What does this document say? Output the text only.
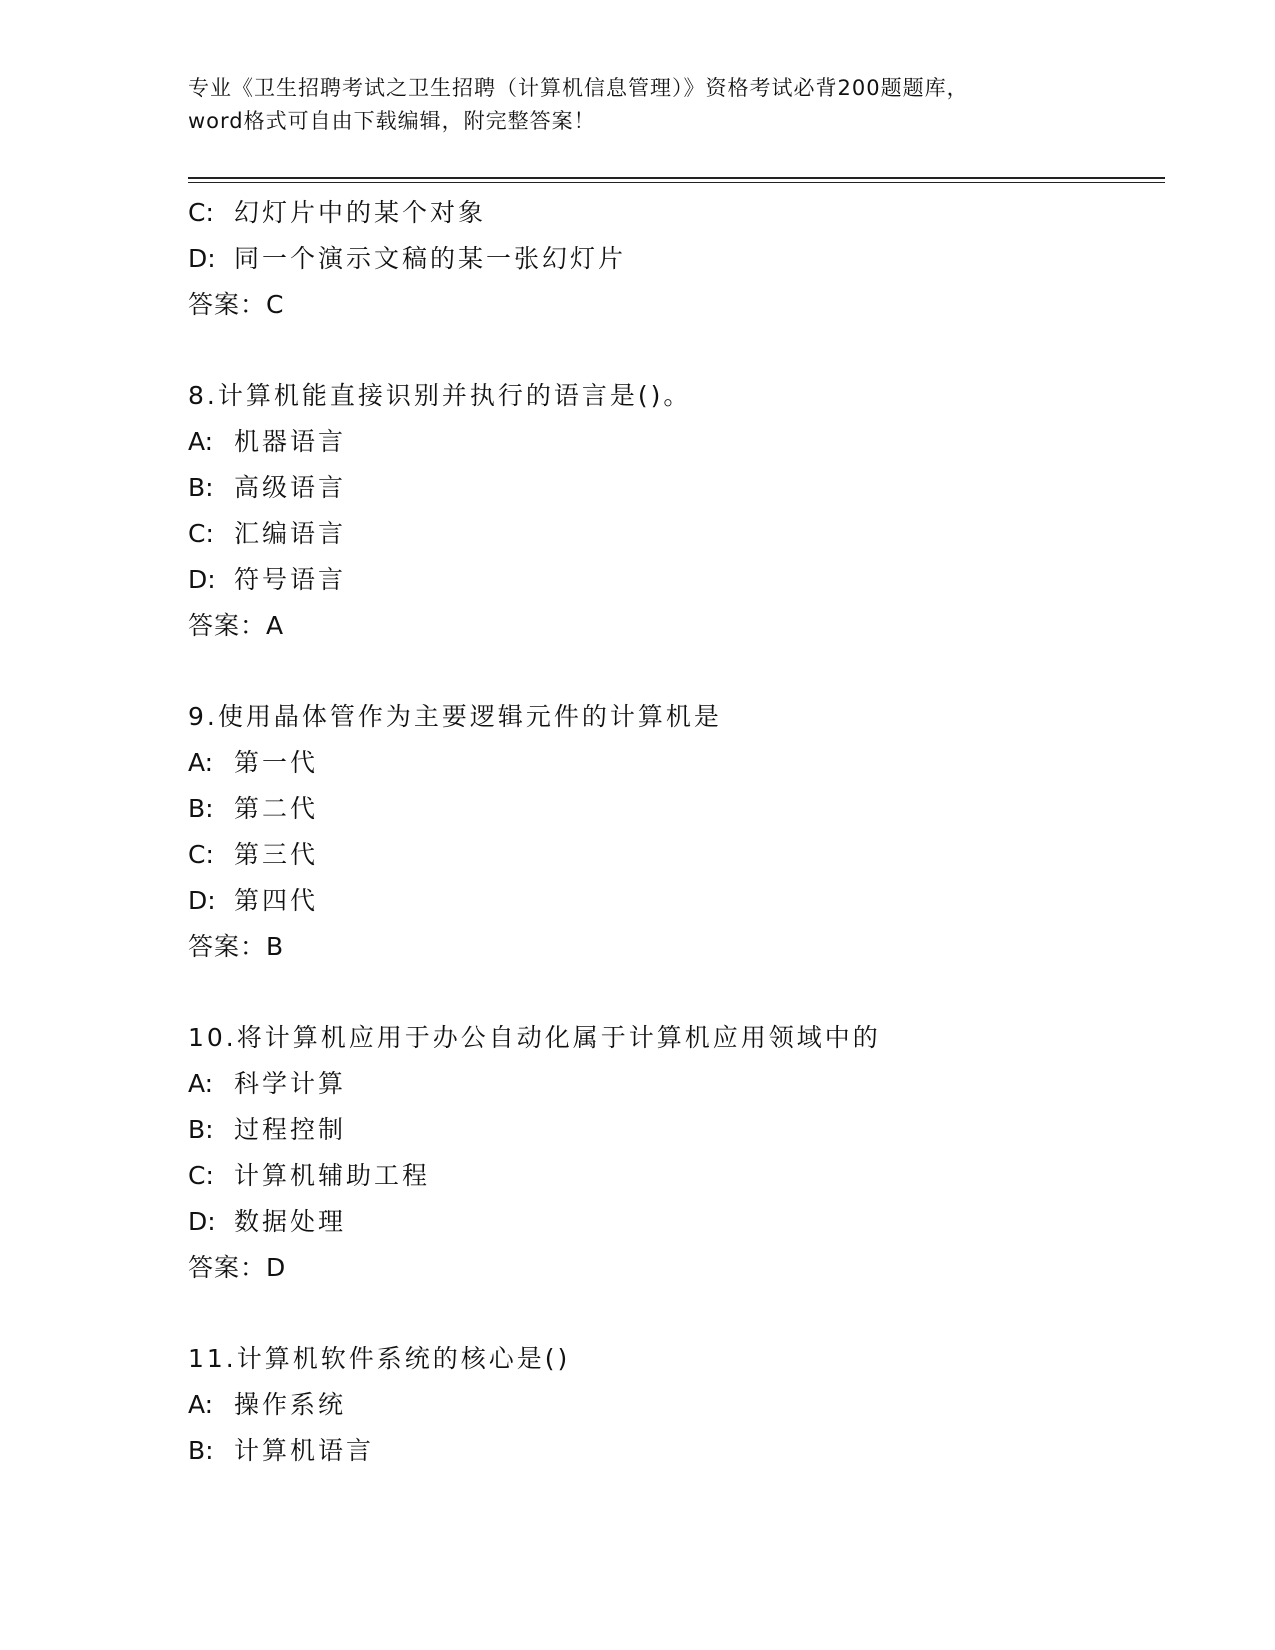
专业《卫生招聘考试之卫生招聘（计算机信息管理）》资格考试必背200题题库，
word格式可自由下载编辑，附完整答案！
C: 幻灯片中的某个对象
D: 同一个演示文稿的某一张幻灯片
答案：C
8.计算机能直接识别并执行的语言是()。
A: 机器语言
B: 高级语言
C: 汇编语言
D: 符号语言
答案：A
9.使用晶体管作为主要逻辑元件的计算机是
A: 第一代
B: 第二代
C: 第三代
D: 第四代
答案：B
10.将计算机应用于办公自动化属于计算机应用领域中的
A: 科学计算
B: 过程控制
C: 计算机辅助工程
D: 数据处理
答案：D
11.计算机软件系统的核心是()
A: 操作系统
B: 计算机语言
